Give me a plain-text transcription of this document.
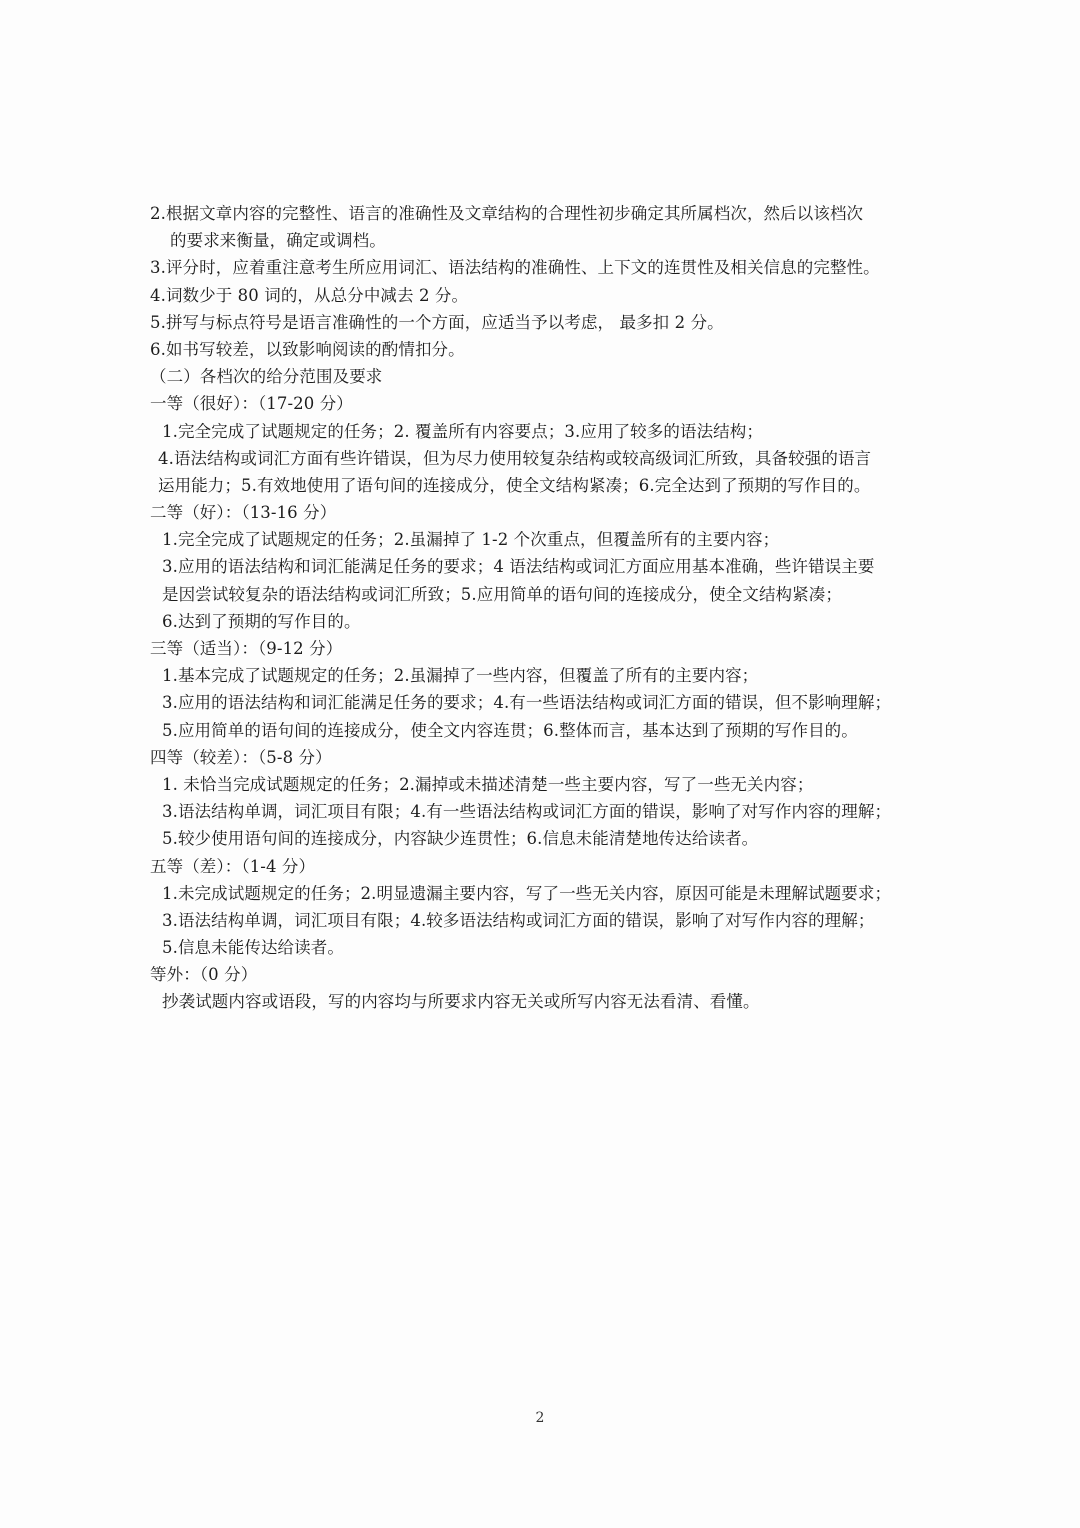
2.根据文章内容的完整性、语言的准确性及文章结构的合理性初步确定其所属档次，然后以该档次
的要求来衡量，确定或调档。
3.评分时，应着重注意考生所应用词汇、语法结构的准确性、上下文的连贯性及相关信息的完整性。
4.词数少于 80 词的，从总分中减去 2 分。
5.拼写与标点符号是语言准确性的一个方面，应适当予以考虑， 最多扣 2 分。
6.如书写较差，以致影响阅读的酌情扣分。
（二）各档次的给分范围及要求
一等（很好）：（17-20 分）
1.完全完成了试题规定的任务；2. 覆盖所有内容要点；3.应用了较多的语法结构；
4.语法结构或词汇方面有些许错误，但为尽力使用较复杂结构或较高级词汇所致，具备较强的语言
运用能力；5.有效地使用了语句间的连接成分，使全文结构紧凑；6.完全达到了预期的写作目的。
二等（好）：（13-16 分）
1.完全完成了试题规定的任务；2.虽漏掉了 1-2 个次重点，但覆盖所有的主要内容；
3.应用的语法结构和词汇能满足任务的要求；4 语法结构或词汇方面应用基本准确，些许错误主要
是因尝试较复杂的语法结构或词汇所致；5.应用简单的语句间的连接成分，使全文结构紧凑；
6.达到了预期的写作目的。
三等（适当）：（9-12 分）
1.基本完成了试题规定的任务；2.虽漏掉了一些内容，但覆盖了所有的主要内容；
3.应用的语法结构和词汇能满足任务的要求；4.有一些语法结构或词汇方面的错误，但不影响理解；
5.应用简单的语句间的连接成分，使全文内容连贯；6.整体而言，基本达到了预期的写作目的。
四等（较差）：（5-8 分）
1. 未恰当完成试题规定的任务；2.漏掉或未描述清楚一些主要内容，写了一些无关内容；
3.语法结构单调，词汇项目有限；4.有一些语法结构或词汇方面的错误，影响了对写作内容的理解；
5.较少使用语句间的连接成分，内容缺少连贯性；6.信息未能清楚地传达给读者。
五等（差）：（1-4 分）
1.未完成试题规定的任务；2.明显遗漏主要内容，写了一些无关内容，原因可能是未理解试题要求；
3.语法结构单调，词汇项目有限；4.较多语法结构或词汇方面的错误，影响了对写作内容的理解；
5.信息未能传达给读者。
等外：（0 分）
抄袭试题内容或语段，写的内容均与所要求内容无关或所写内容无法看清、看懂。
2
